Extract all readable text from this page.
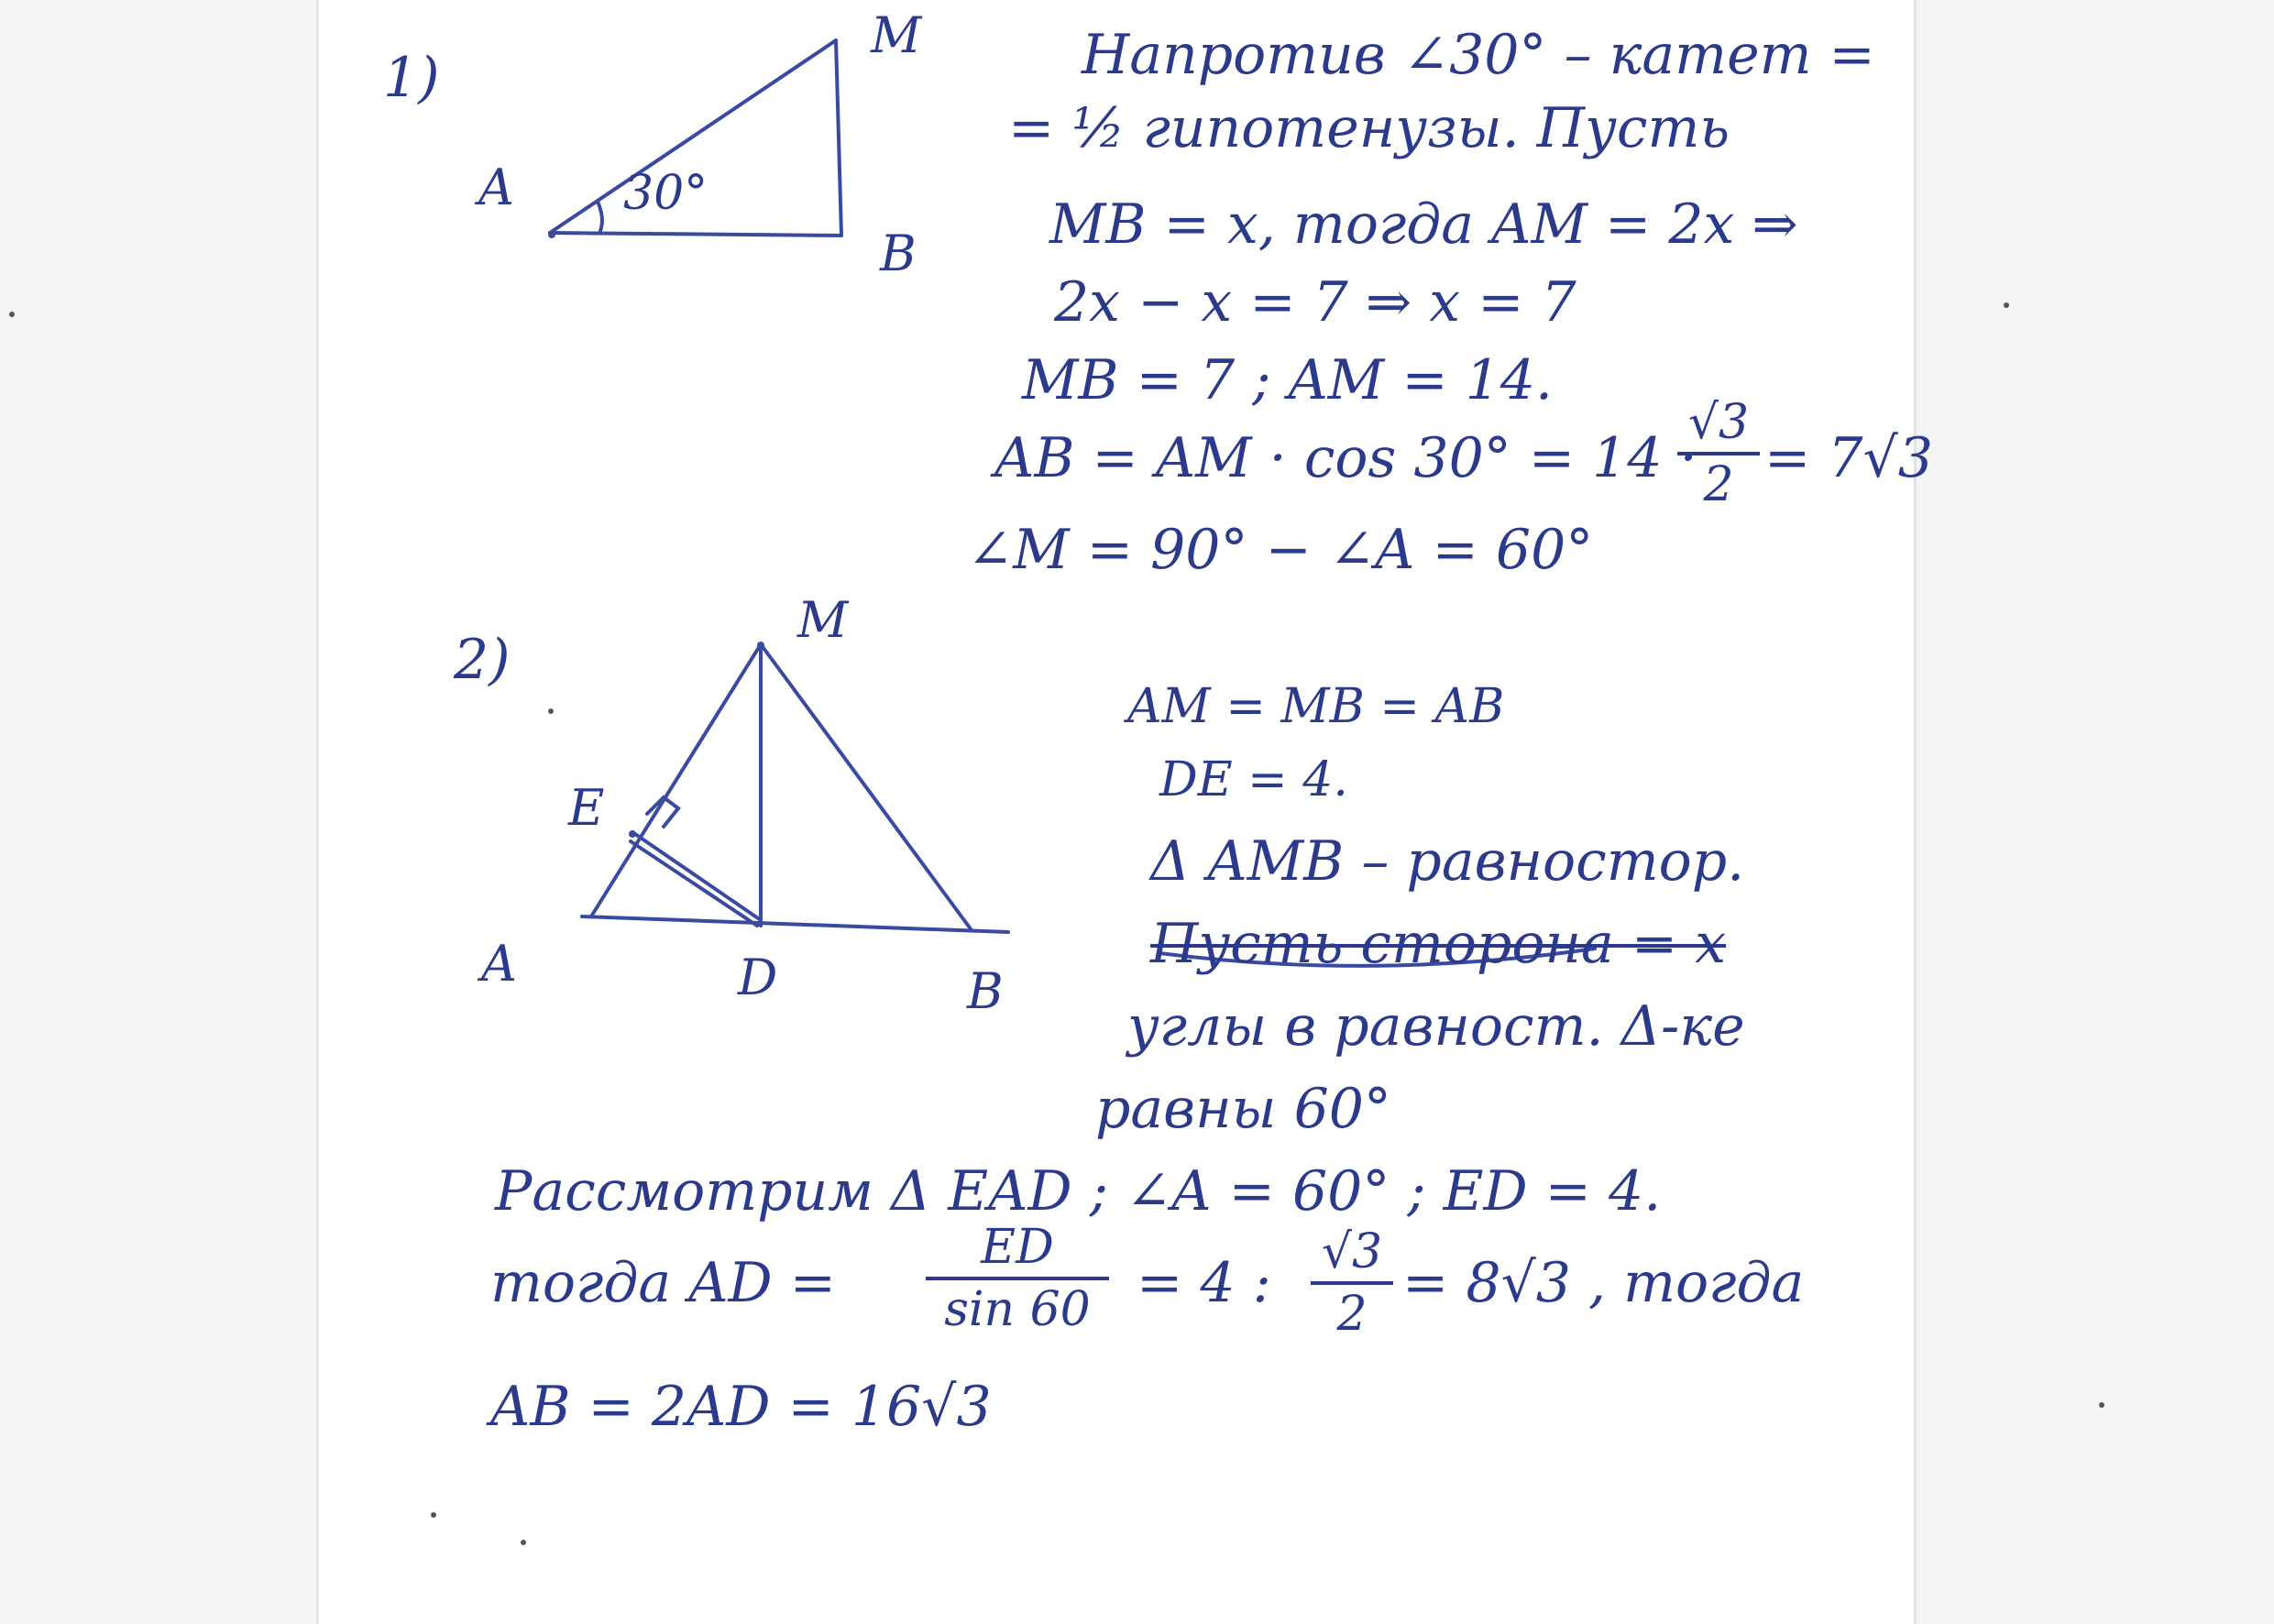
1)
A
M
B
30°
Напротив ∠30° – катет =
= ½ гипотенузы. Пусть
MB = x, тогда AM = 2x ⇒
2x − x = 7 ⇒ x = 7
MB = 7 ; AM = 14.
AB = AM · cos 30° = 14 ·
√3
2 = 7√3
∠M = 90° − ∠A = 60°
2)
M
E
A	D	B
AM = MB = AB
DE = 4.
Δ AMB – равностор.
Пусть сторона = x
углы в равност. Δ-ке
равны 60°
Рассмотрим Δ EAD ; ∠A = 60° ; ED = 4.
тогда AD =
ED
sin 60 = 4 : √3
2 = 8√3 , тогда
AB = 2AD = 16√3
